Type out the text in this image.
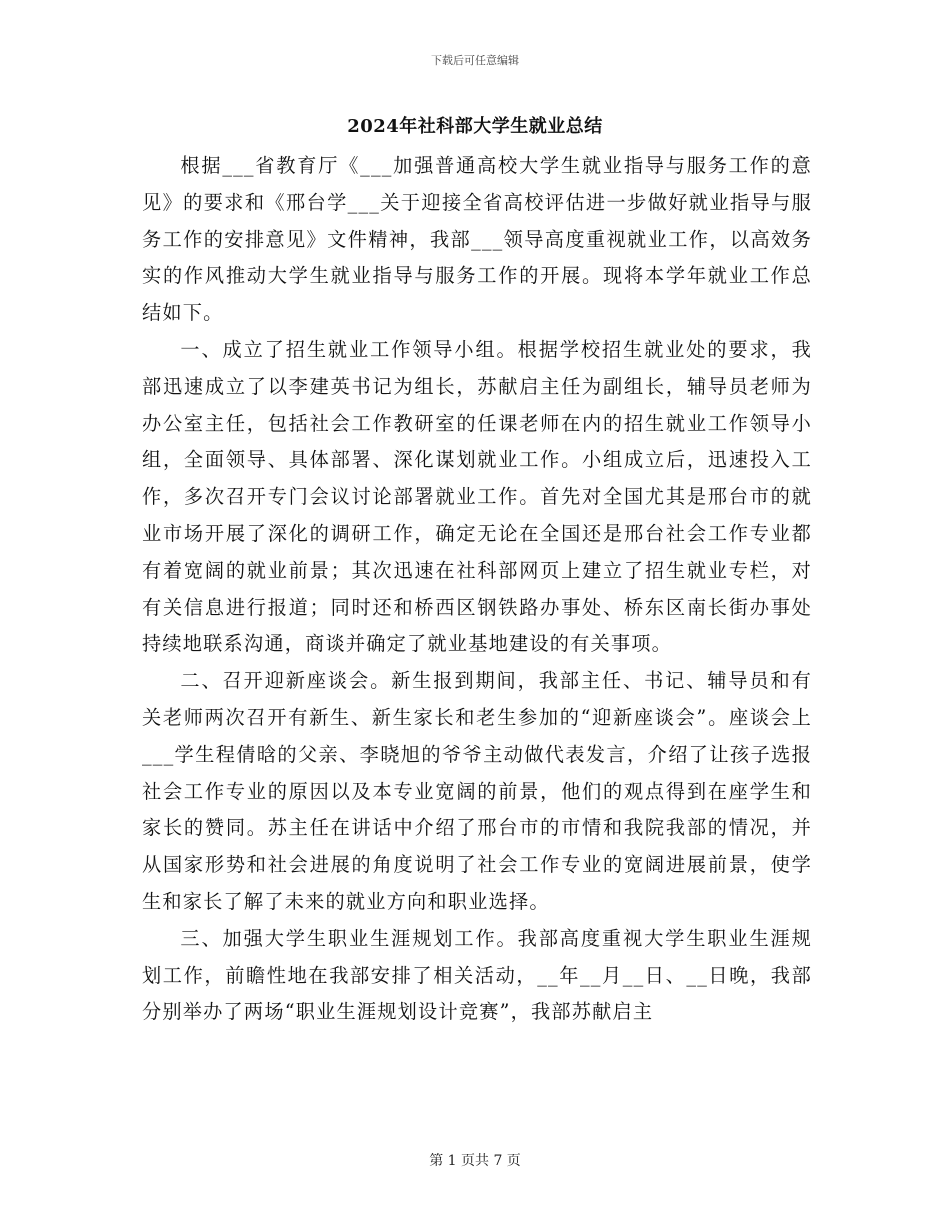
下载后可任意编辑
2024年社科部大学生就业总结

根据___省教育厅《___加强普通高校大学生就业指导与服务工作的意见》的要求和《邢台学___关于迎接全省高校评估进一步做好就业指导与服务工作的安排意见》文件精神，我部___领导高度重视就业工作，以高效务实的作风推动大学生就业指导与服务工作的开展。现将本学年就业工作总结如下。

一、成立了招生就业工作领导小组。根据学校招生就业处的要求，我部迅速成立了以李建英书记为组长，苏献启主任为副组长，辅导员老师为办公室主任，包括社会工作教研室的任课老师在内的招生就业工作领导小组，全面领导、具体部署、深化谋划就业工作。小组成立后，迅速投入工作，多次召开专门会议讨论部署就业工作。首先对全国尤其是邢台市的就业市场开展了深化的调研工作，确定无论在全国还是邢台社会工作专业都有着宽阔的就业前景；其次迅速在社科部网页上建立了招生就业专栏，对有关信息进行报道；同时还和桥西区钢铁路办事处、桥东区南长街办事处持续地联系沟通，商谈并确定了就业基地建设的有关事项。

二、召开迎新座谈会。新生报到期间，我部主任、书记、辅导员和有关老师两次召开有新生、新生家长和老生参加的“迎新座谈会”。座谈会上___学生程倩晗的父亲、李晓旭的爷爷主动做代表发言，介绍了让孩子选报社会工作专业的原因以及本专业宽阔的前景，他们的观点得到在座学生和家长的赞同。苏主任在讲话中介绍了邢台市的市情和我院我部的情况，并从国家形势和社会进展的角度说明了社会工作专业的宽阔进展前景，使学生和家长了解了未来的就业方向和职业选择。

三、加强大学生职业生涯规划工作。我部高度重视大学生职业生涯规划工作，前瞻性地在我部安排了相关活动，__年__月__日、__日晚，我部分别举办了两场“职业生涯规划设计竞赛”，我部苏献启主

第 1 页共 7 页
